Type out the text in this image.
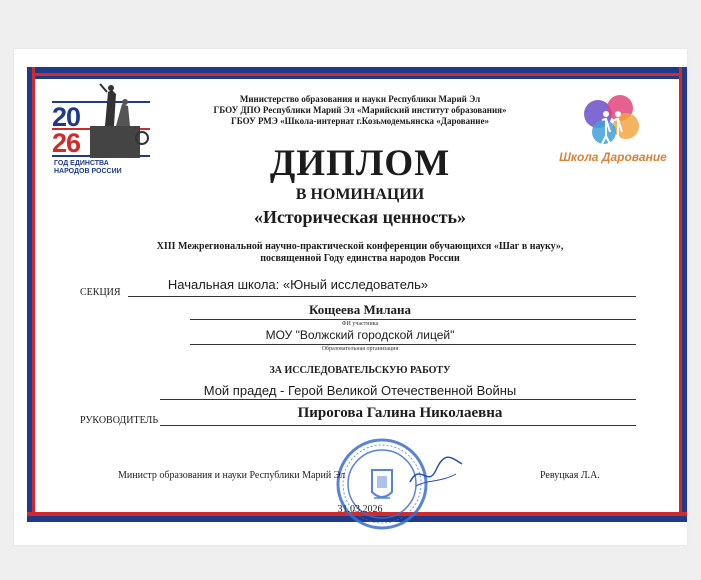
20
26
ГОД ЕДИНСТВА
НАРОДОВ РОССИИ
Школа Дарование
Министерство образования и науки Республики Марий Эл
ГБОУ ДПО Республики Марий Эл «Марийский институт образования»
ГБОУ РМЭ «Школа-интернат г.Козьмодемьянска «Дарование»
ДИПЛОМ
В НОМИНАЦИИ
«Историческая ценность»
XIII Межрегиональной научно-практической конференции обучающихся «Шаг в науку»,
посвященной Году единства народов России
СЕКЦИЯ
Начальная школа: «Юный исследователь»
Кощеева Милана
ФИ участника
МОУ "Волжский городской лицей"
Образовательная организация
ЗА ИССЛЕДОВАТЕЛЬСКУЮ РАБОТУ
Мой прадед - Герой Великой Отечественной Войны
РУКОВОДИТЕЛЬ	Пирогова Галина Николаевна
Министр образования и науки Республики Марий Эл	Ревуцкая Л.А.
31.03.2026
